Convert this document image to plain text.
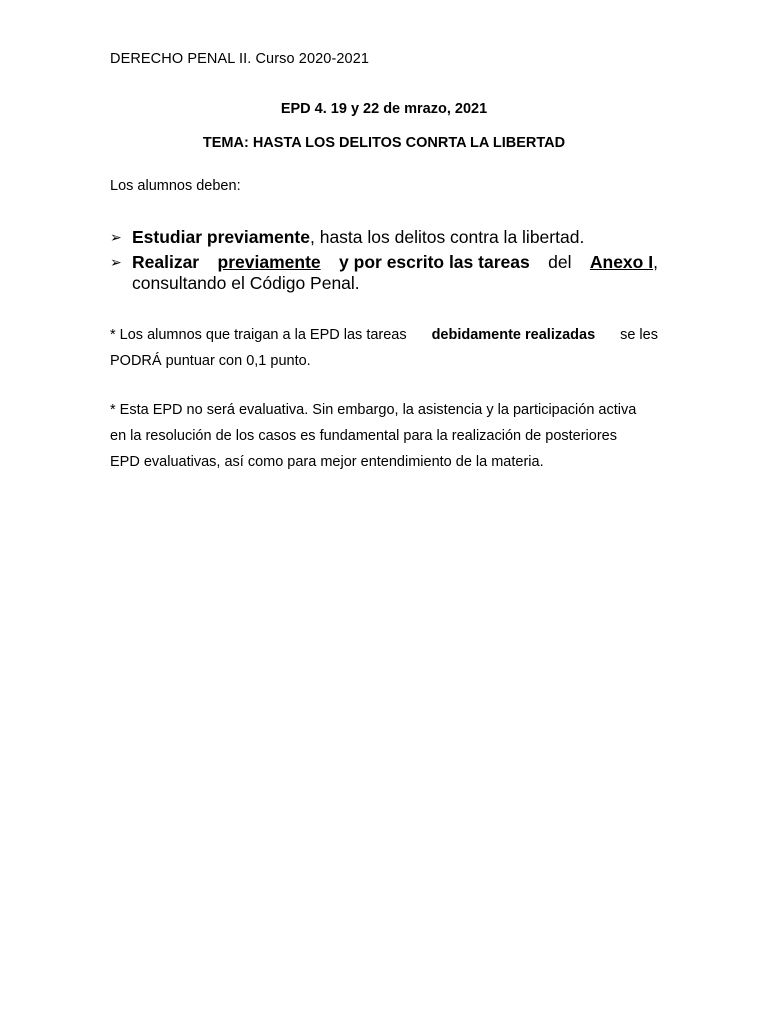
DERECHO PENAL II. Curso 2020-2021
EPD 4. 19 y 22 de mrazo, 2021
TEMA: HASTA LOS DELITOS CONRTA LA LIBERTAD
Los alumnos deben:
➢ Estudiar previamente, hasta los delitos contra la libertad.
➢ Realizar previamente y por escrito las tareas del Anexo I,
consultando el Código Penal.
* Los alumnos que traigan a la EPD las tareas debidamente realizadas se les
PODRÁ puntuar con 0,1 punto.
* Esta EPD no será evaluativa. Sin embargo, la asistencia y la participación activa
en la resolución de los casos es fundamental para la realización de posteriores
EPD evaluativas, así como para mejor entendimiento de la materia.
